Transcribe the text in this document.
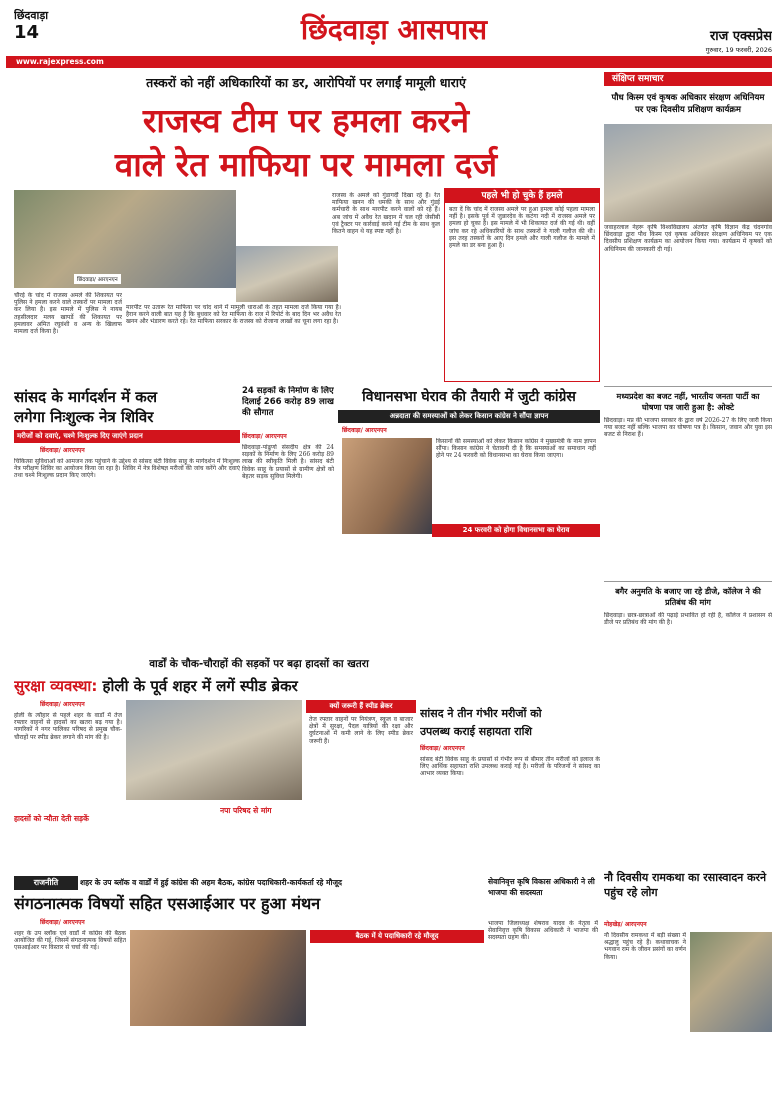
छिंदवाड़ा
14	छिंदवाड़ा आसपास	राज एक्सप्रेस
गुरुवार, 19 फरवरी, 2026
www.rajexpress.com
तस्करों को नहीं अधिकारियों का डर, आरोपियों पर लगाईं मामूली धाराएं
राजस्व टीम पर हमला करने
वाले रेत माफिया पर मामला दर्ज
छिंदवाड़ा/ आरएनएन
चौरई के चांद में राजस्व अमले की शिकायत पर पुलिस ने हमला करने वाले तस्करों पर मामला दर्ज कर लिया है। इस मामले में पुलिस ने नायब तहसीलदार मलय खापर्डे की शिकायत पर हमलावर अमित रघुवंशी व अन्य के खिलाफ मामला दर्ज किया है।
मारपीट पर उतारू रेत माफिया पर चांद थाने में मामूली धाराओं के तहत मामला दर्ज किया गया है। हैरान करने वाली बात यह है कि बुधवार को रेत माफिया के राज में रिपोर्ट के बाद दिन भर अवैध रेत खनन और भंडारण करते रहे। रेत माफिया सरकार के राजस्व को रोजाना लाखों का चूना लगा रहा है।
राजस्व के अमले को गुंडागर्दी दिखा रहे हैं। रेत माफिया खनन की धमकी के साथ और गुंडई कर्मचारी के साथ मारपीट करने वालों को रहे हैं। अब जांच में अवैध रेत खदान में चल रही जेसीबी एवं ट्रैक्टर पर कार्रवाई करने गई टीम के साथ कुल कितने वाहन थे यह स्पष्ट नहीं है।
पहले भी हो चुके हैं हमले
बता दें कि चांद में राजस्व अमले पर हुआ हमला कोई पहला मामला नहीं है। इसके पूर्व में जुन्नारदेव के कटंगा नदी में राजस्व अमले पर हमला हो चुका है। इस मामले में भी शिकायत दर्ज की गई थी। वहीं जांच कर रहे अधिकारियों के साथ तस्करों ने गाली गलौज की थी। इस तरह तस्करों के आए दिन हमले और गाली गलौज के मामले में हमले का डर बना हुआ है।
संक्षिप्त समाचार
पौध किस्म एवं कृषक अधिकार संरक्षण अधिनियम पर एक दिवसीय प्रशिक्षण कार्यक्रम
जवाहरलाल नेहरू कृषि विश्वविद्यालय अंतर्गत कृषि विज्ञान केंद्र चंदनगांव छिंदवाड़ा द्वारा पौध किस्म एवं कृषक अधिकार संरक्षण अधिनियम पर एक दिवसीय प्रशिक्षण कार्यक्रम का आयोजन किया गया। कार्यक्रम में कृषकों को अधिनियम की जानकारी दी गई।
मध्यप्रदेश का बजट नहीं, भारतीय जनता पार्टी का घोषणा पत्र जारी हुआ है: ओक्टे
छिंदवाड़ा। मप्र की भाजपा सरकार के द्वारा वर्ष 2026-27 के लिए जारी किया गया बजट नहीं बल्कि भाजपा का घोषणा पत्र है। किसान, जवान और युवा इस बजट से निराश हैं।
बगैर अनुमति के बजाए जा रहे डीजे, कॉलेज ने की प्रतिबंध की मांग
छिंदवाड़ा। छात्र-छात्राओं की पढ़ाई प्रभावित हो रही है, कॉलेज ने प्रशासन से डीजे पर प्रतिबंध की मांग की है।
सांसद के मार्गदर्शन में कल
लगेगा निःशुल्क नेत्र शिविर
मरीजों को दवाएं, चश्मे निःशुल्क दिए जाएंगे प्रदान
छिंदवाड़ा/ आरएनएन
चिकित्सा सुविधाओं को आमजन तक पहुंचाने के उद्देश्य से सांसद बंटी विवेक साहू के मार्गदर्शन में निःशुल्क नेत्र परीक्षण शिविर का आयोजन किया जा रहा है। शिविर में नेत्र विशेषज्ञ मरीजों की जांच करेंगे और दवाएं तथा चश्मे निःशुल्क प्रदान किए जाएंगे।
24 सड़कों के निर्माण के लिए दिलाई 266 करोड़ 89 लाख की सौगात
छिंदवाड़ा/ आरएनएन
छिंदवाड़ा-पांढुर्णा संसदीय क्षेत्र की 24 सड़कों के निर्माण के लिए 266 करोड़ 89 लाख की स्वीकृति मिली है। सांसद बंटी विवेक साहू के प्रयासों से ग्रामीण क्षेत्रों को बेहतर सड़क सुविधा मिलेगी।
विधानसभा घेराव की तैयारी में जुटी कांग्रेस
अन्नदाता की समस्याओं को लेकर किसान कांग्रेस ने सौंपा ज्ञापन
छिंदवाड़ा/ आरएनएन
24 फरवरी को होगा विधानसभा का घेराव
किसानों की समस्याओं को लेकर किसान कांग्रेस ने मुख्यमंत्री के नाम ज्ञापन सौंपा। किसान कांग्रेस ने चेतावनी दी है कि समस्याओं का समाधान नहीं होने पर 24 फरवरी को विधानसभा का घेराव किया जाएगा।
वार्डों के चौक-चौराहों की सड़कों पर बढ़ा हादसों का खतरा
सुरक्षा व्यवस्था: होली के पूर्व शहर में लगें स्पीड ब्रेकर
छिंदवाड़ा/ आरएनएन
होली के त्यौहार से पहले शहर के वार्डों में तेज रफ्तार वाहनों से हादसों का खतरा बढ़ गया है। नागरिकों ने नगर पालिका परिषद से प्रमुख चौक-चौराहों पर स्पीड ब्रेकर लगाने की मांग की है।
हादसों को न्यौता देती सड़कें
नपा परिषद से मांग
क्यों जरूरी हैं स्पीड ब्रेकर
तेज रफ्तार वाहनों पर नियंत्रण, स्कूल व बाजार क्षेत्रों में सुरक्षा, पैदल यात्रियों की रक्षा और दुर्घटनाओं में कमी लाने के लिए स्पीड ब्रेकर जरूरी हैं।
सांसद ने तीन गंभीर मरीजों को
उपलब्ध कराई सहायता राशि
छिंदवाड़ा/ आरएनएन
सांसद बंटी विवेक साहू के प्रयासों से गंभीर रूप से बीमार तीन मरीजों को इलाज के लिए आर्थिक सहायता राशि उपलब्ध कराई गई है। मरीजों के परिजनों ने सांसद का आभार व्यक्त किया।
राजनीति	शहर के उप ब्लॉक व वार्डों में हुई कांग्रेस की अहम बैठक, कांग्रेस पदाधिकारी-कार्यकर्ता रहे मौजूद
संगठनात्मक विषयों सहित एसआईआर पर हुआ मंथन
छिंदवाड़ा/ आरएनएन
शहर के उप ब्लॉक एवं वार्डों में कांग्रेस की बैठक आयोजित की गई, जिसमें संगठनात्मक विषयों सहित एसआईआर पर विस्तार से चर्चा की गई।
बैठक में ये पदाधिकारी रहे मौजूद
सेवानिवृत्त कृषि विकास अधिकारी ने ली भाजपा की सदस्यता
भाजपा जिलाध्यक्ष शेषराव यादव के नेतृत्व में सेवानिवृत्त कृषि विकास अधिकारी ने भाजपा की सदस्यता ग्रहण की।
नौ दिवसीय रामकथा का रसास्वादन करने पहुंच रहे लोग
मोहखेड़/ आरएनएन
नौ दिवसीय रामकथा में बड़ी संख्या में श्रद्धालु पहुंच रहे हैं। कथावाचक ने भगवान राम के जीवन प्रसंगों का वर्णन किया।
